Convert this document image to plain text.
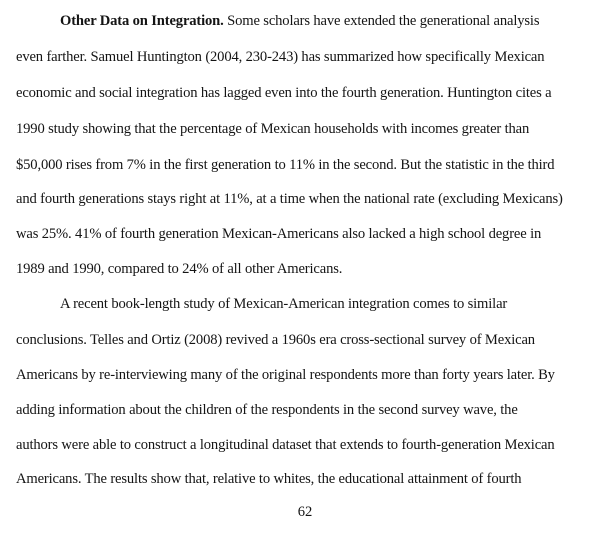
Other Data on Integration. Some scholars have extended the generational analysis
even farther. Samuel Huntington (2004, 230-243) has summarized how specifically Mexican
economic and social integration has lagged even into the fourth generation. Huntington cites a
1990 study showing that the percentage of Mexican households with incomes greater than
$50,000 rises from 7% in the first generation to 11% in the second. But the statistic in the third
and fourth generations stays right at 11%, at a time when the national rate (excluding Mexicans)
was 25%. 41% of fourth generation Mexican-Americans also lacked a high school degree in
1989 and 1990, compared to 24% of all other Americans.
A recent book-length study of Mexican-American integration comes to similar
conclusions. Telles and Ortiz (2008) revived a 1960s era cross-sectional survey of Mexican
Americans by re-interviewing many of the original respondents more than forty years later. By
adding information about the children of the respondents in the second survey wave, the
authors were able to construct a longitudinal dataset that extends to fourth-generation Mexican
Americans. The results show that, relative to whites, the educational attainment of fourth
62
